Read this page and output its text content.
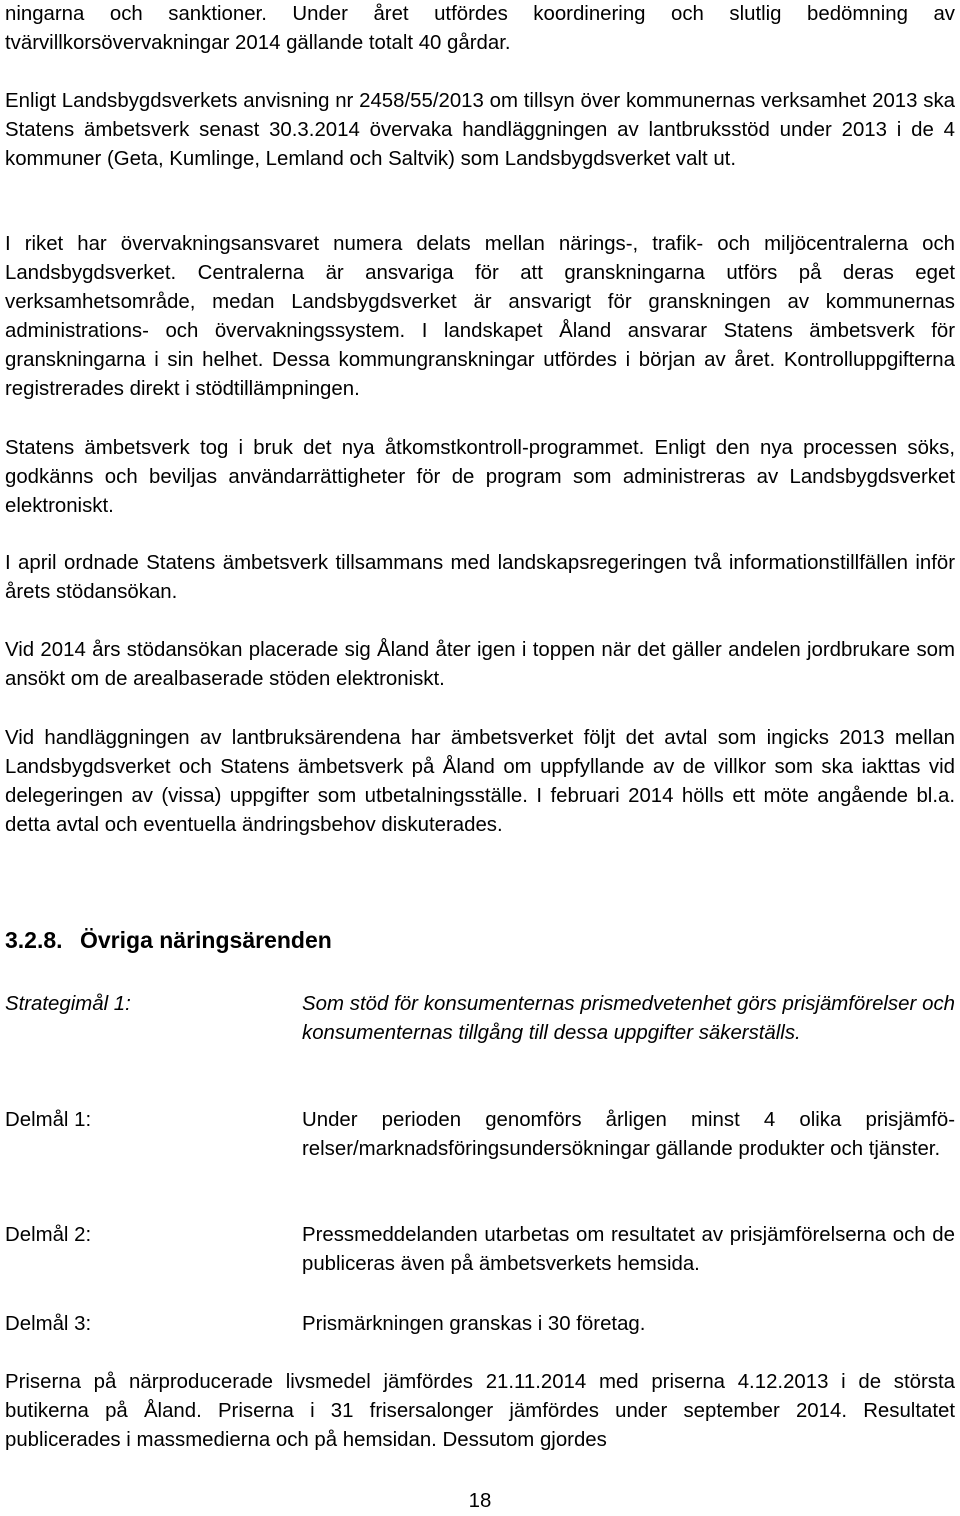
ningarna och sanktioner. Under året utfördes koordinering och slutlig bedömning av tvärvillkorsövervakningar 2014 gällande totalt 40 gårdar.

Enligt Landsbygdsverkets anvisning nr 2458/55/2013 om tillsyn över kommunernas verksamhet 2013 ska Statens ämbetsverk senast 30.3.2014 övervaka handläggningen av lantbruksstöd under 2013 i de 4 kommuner (Geta, Kumlinge, Lemland och Saltvik) som Landsbygdsverket valt ut.

I riket har övervakningsansvaret numera delats mellan närings-, trafik- och miljöcentralerna och Landsbygdsverket. Centralerna är ansvariga för att granskningarna utförs på deras eget verksamhetsområde, medan Landsbygdsverket är ansvarigt för granskningen av kommunernas administrations- och övervakningssystem. I landskapet Åland ansvarar Statens ämbetsverk för granskningarna i sin helhet. Dessa kommungranskningar utfördes i början av året. Kontrolluppgifterna registrerades direkt i stödtillämpningen.

Statens ämbetsverk tog i bruk det nya åtkomstkontroll-programmet. Enligt den nya processen söks, godkänns och beviljas användarrättigheter för de program som administreras av Landsbygdsverket elektroniskt.

I april ordnade Statens ämbetsverk tillsammans med landskapsregeringen två informationstillfällen inför årets stödansökan.

Vid 2014 års stödansökan placerade sig Åland åter igen i toppen när det gäller andelen jordbrukare som ansökt om de arealbaserade stöden elektroniskt.

Vid handläggningen av lantbruksärendena har ämbetsverket följt det avtal som ingicks 2013 mellan Landsbygdsverket och Statens ämbetsverk på Åland om uppfyllande av de villkor som ska iakttas vid delegeringen av (vissa) uppgifter som utbetalningsställe. I februari 2014 hölls ett möte angående bl.a. detta avtal och eventuella ändringsbehov diskuterades.

3.2.8. Övriga näringsärenden

Strategimål 1:	Som stöd för konsumenternas prismedvetenhet görs prisjämförelser och konsumenternas tillgång till dessa uppgifter säkerställs.

Delmål 1:	Under perioden genomförs årligen minst 4 olika prisjämförelser/marknadsföringsundersökningar gällande produkter och tjänster.

Delmål 2:	Pressmeddelanden utarbetas om resultatet av prisjämförelserna och de publiceras även på ämbetsverkets hemsida.

Delmål 3:	Prismärkningen granskas i 30 företag.

Priserna på närproducerade livsmedel jämfördes 21.11.2014 med priserna 4.12.2013 i de största butikerna på Åland. Priserna i 31 frisersalonger jämfördes under september 2014. Resultatet publicerades i massmedierna och på hemsidan. Dessutom gjordes

18
